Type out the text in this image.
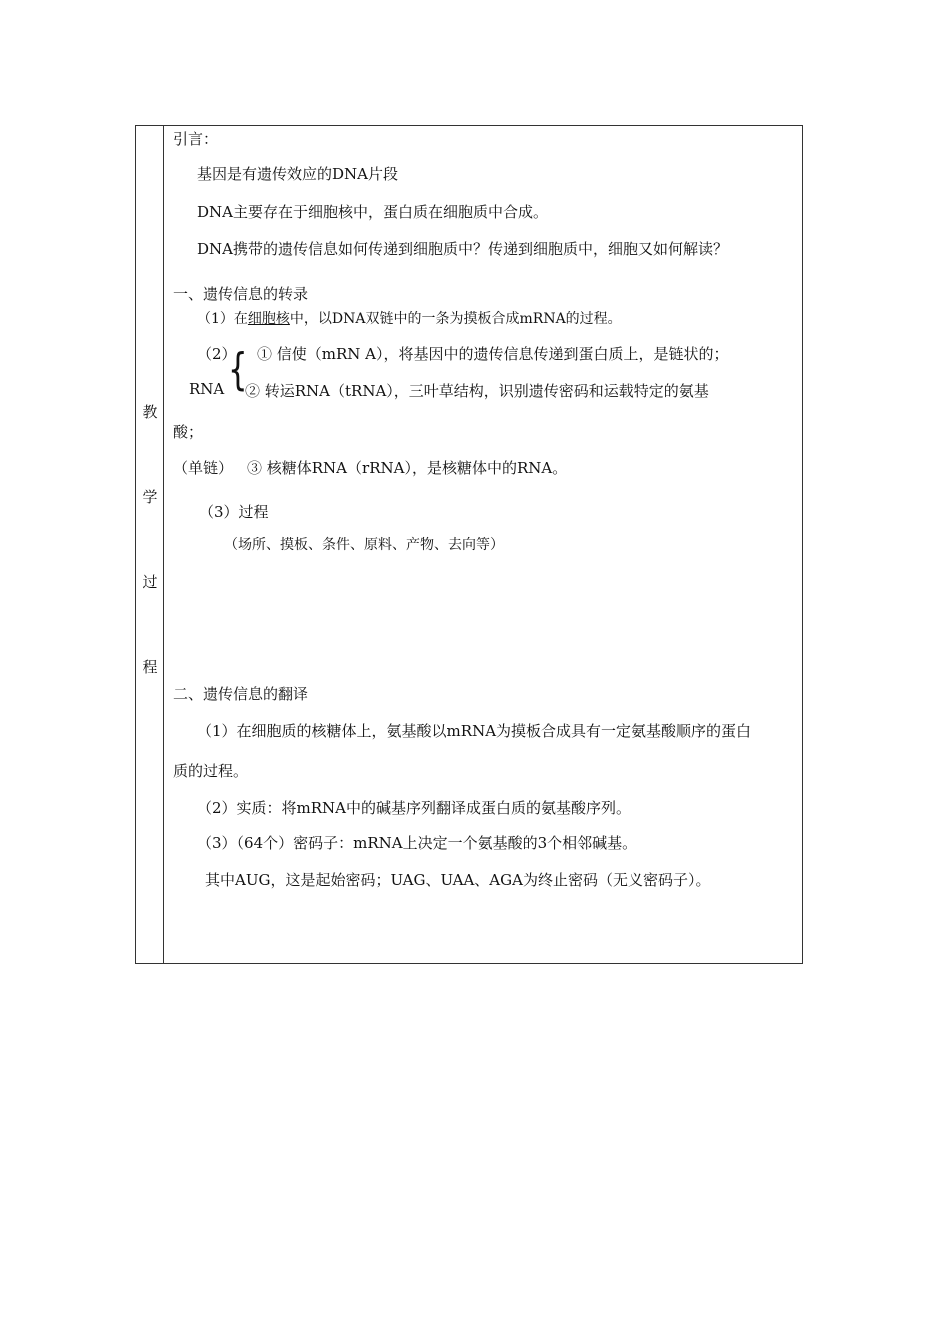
教
学
过
程
引言：
基因是有遗传效应的DNA片段
DNA主要存在于细胞核中，蛋白质在细胞质中合成。
DNA携带的遗传信息如何传递到细胞质中？传递到细胞质中，细胞又如何解读？
一、遗传信息的转录
（1）在细胞核中，以DNA双链中的一条为摸板合成mRNA的过程。
（2）
{ ① 信使（mRN A），将基因中的遗传信息传递到蛋白质上，是链状的；
RNA ② 转运RNA（tRNA），三叶草结构，识别遗传密码和运载特定的氨基
酸；
（单链） ③ 核糖体RNA（rRNA），是核糖体中的RNA。
（3）过程
（场所、摸板、条件、原料、产物、去向等）
二、遗传信息的翻译
（1）在细胞质的核糖体上，氨基酸以mRNA为摸板合成具有一定氨基酸顺序的蛋白
质的过程。
（2）实质：将mRNA中的碱基序列翻译成蛋白质的氨基酸序列。
（3）（64个）密码子：mRNA上决定一个氨基酸的3个相邻碱基。
其中AUG，这是起始密码；UAG、UAA、AGA为终止密码（无义密码子）。
